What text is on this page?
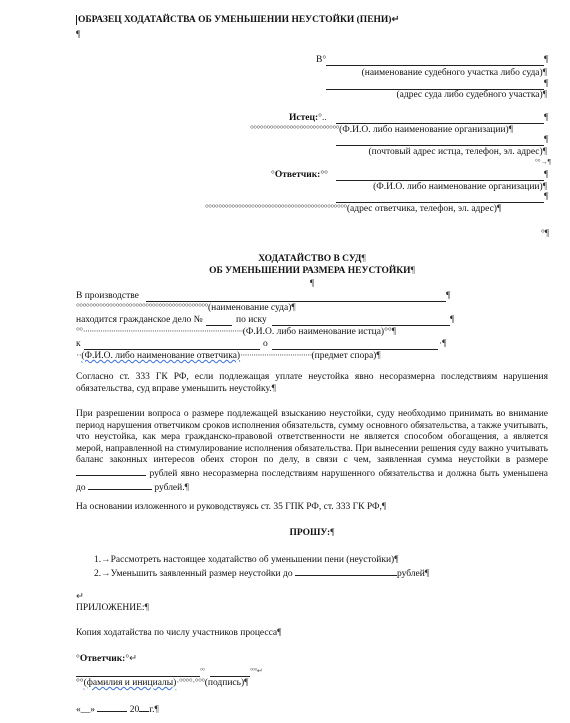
ОБРАЗЕЦ ХОДАТАЙСТВА ОБ УМЕНЬШЕНИИ НЕУСТОЙКИ (ПЕНИ)↵
¶
В°	¶
(наименование судебного участка либо суда)¶
¶
(адрес суда либо судебного участка)¶
Истец:°..	¶
°°°°°°°°°°°°°°°°°°°°°°°°°°°(Ф.И.О. либо наименование организации)¶
¶
(почтовый адрес истца, телефон, эл. адрес)¶
°°→¶
°Ответчик:°°	¶
(Ф.И.О. либо наименование организации)¶
¶
°°°°°°°°°°°°°°°°°°°°°°°°°°°°°°°°°°°°°°°°°°°(адрес ответчика, телефон, эл. адрес)¶
°¶
ХОДАТАЙСТВО В СУД¶
ОБ УМЕНЬШЕНИИ РАЗМЕРА НЕУСТОЙКИ¶
¶
В производстве	¶
°°°°°°°°°°°°°°°°°°°°°°°°°°°°°°°°°°°°°°°°(наименование суда)¶
находится гражданское дело №	по иску	¶
°°··········································································(Ф.И.О. либо наименование истца)°°¶
к	о	·¶
··(Ф.И.О. либо наименование ответчика)·································(предмет спора)¶
Согласно ст. 333 ГК РФ, если подлежащая уплате неустойка явно несоразмерна последствиям нарушения обязательства, суд вправе уменьшить неустойку.¶
При разрешении вопроса о размере подлежащей взысканию неустойки, суду необходимо принимать во внимание период нарушения ответчиком сроков исполнения обязательств, сумму основного обязательства, а также учитывать, что неустойка, как мера гражданско-правовой ответственности не является способом обогащения, а является мерой, направленной на стимулирование исполнения обязательства. При вынесении решения суду важно учитывать баланс законных интересов обеих сторон по делу, в связи с чем, заявленная сумма неустойки в размере  рублей явно несоразмерна последствиям нарушенного обязательства и должна быть уменьшена до	рублей.¶
На основании изложенного и руководствуясь ст. 35 ГПК РФ, ст. 333 ГК РФ,¶
ПРОШУ:¶
1.→Рассмотреть настоящее ходатайство об уменьшении пени (неустойки)¶
2.→Уменьшить заявленный размер неустойки до	рублей¶
↵
ПРИЛОЖЕНИЕ:¶
Копия ходатайства по числу участников процесса¶
°Ответчик:°↵
°°	°°°↵
°°(фамилия и инициалы)·°°°°·°°°(подпись)¶
«__»	20 г.¶
